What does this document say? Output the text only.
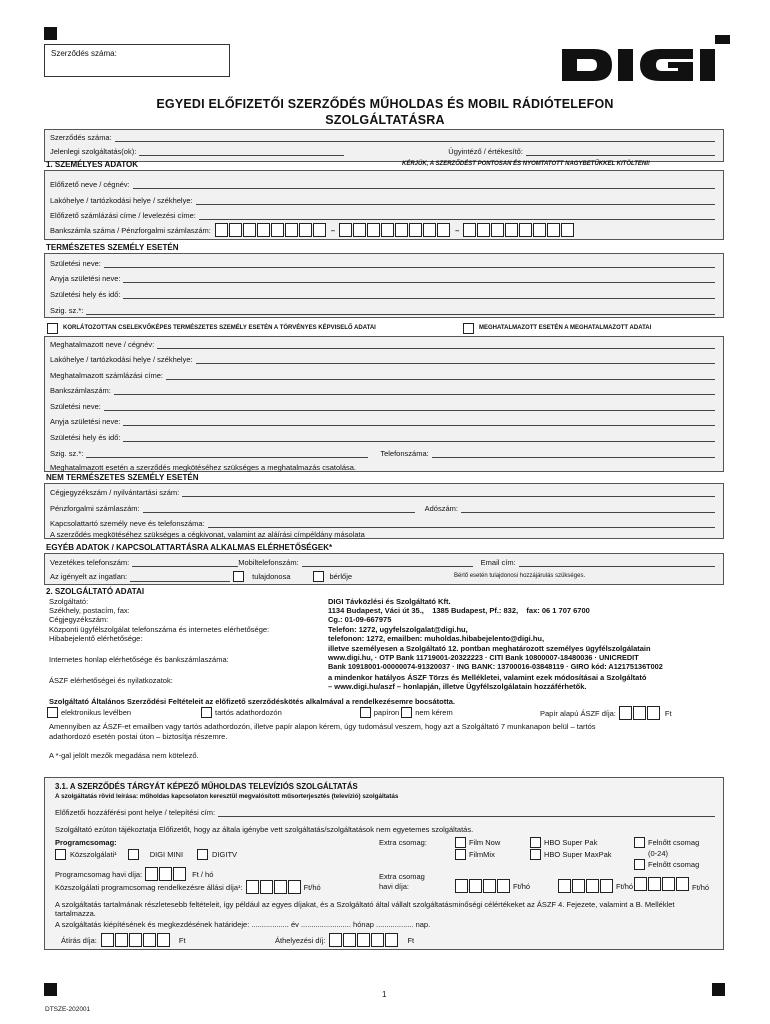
Szerződés száma:
EGYEDI ELŐFIZETŐI SZERZŐDÉS MŰHOLDAS ÉS MOBIL RÁDIÓTELEFON
SZOLGÁLTATÁSRA
Szerződés száma:
Jelenlegi szolgáltatás(ok):	Ügyintéző / értékesítő:
1. SZEMÉLYES ADATOK	KÉRJÜK, A SZERZŐDÉST PONTOSAN ÉS NYOMTATOTT NAGYBETŰKKEL KITÖLTENI!
Előfizető neve / cégnév:
Lakóhelye / tartózkodási helye / székhelye:
Előfizető számlázási címe / levelezési címe:
Bankszámla száma / Pénzforgalmi számlaszám:	–	–
TERMÉSZETES SZEMÉLY ESETÉN
Születési neve:
Anyja születési neve:
Születési hely és idő:
Szig. sz.*:
KORLÁTOZOTTAN CSELEKVŐKÉPES TERMÉSZETES SZEMÉLY ESETÉN A TÖRVÉNYES KÉPVISELŐ ADATAI	MEGHATALMAZOTT ESETÉN A MEGHATALMAZOTT ADATAI
Meghatalmazott neve / cégnév:
Lakóhelye / tartózkodási helye / székhelye:
Meghatalmazott számlázási címe:
Bankszámlaszám:
Születési neve:
Anyja születési neve:
Születési hely és idő:
Szig. sz.*:	Telefonszáma:
Meghatalmazott esetén a szerződés megkötéséhez szükséges a meghatalmazás csatolása.
NEM TERMÉSZETES SZEMÉLY ESETÉN
Cégjegyzékszám / nyilvántartási szám:
Pénzforgalmi számlaszám:	Adószám:
Kapcsolattartó személy neve és telefonszáma:
A szerződés megkötéséhez szükséges a cégkivonat, valamint az aláírási címpéldány másolata
EGYÉB ADATOK / KAPCSOLATTARTÁSRA ALKALMAS ELÉRHETŐSÉGEK*
Vezetékes telefonszám:	Mobiltelefonszám:	Email cím:
Az igényelt az ingatlan:	tulajdonosa	bérlője	Bérlő esetén tulajdonosi hozzájárulás szükséges.
2. SZOLGÁLTATÓ ADATAI
Szolgáltató:	DIGI Távközlési és Szolgáltató Kft.
Székhely, postacím, fax:	1134 Budapest, Váci út 35.,    1385 Budapest, Pf.: 832,    fax: 06 1 707 6700
Cégjegyzékszám:	Cg.: 01-09-667975
Központi ügyfélszolgálat telefonszáma és internetes elérhetősége:	Telefon: 1272, ugyfelszolgalat@digi.hu,
Hibabejelentő elérhetősége:	telefonon: 1272, emailben: muholdas.hibabejelento@digi.hu,
illetve személyesen a Szolgáltató 12. pontban meghatározott személyes ügyfélszolgálatain
Internetes honlap elérhetősége és bankszámlaszáma:	www.digi.hu, · OTP Bank 11719001-20322223 · CITI Bank 10800007-18480036 · UNICREDIT
Bank 10918001-00000074-91320037 · ING BANK: 13700016-03848119 · GIRO kód: A12175136T002
ÁSZF elérhetőségei és nyilatkozatok:	a mindenkor hatályos ÁSZF Törzs és Mellékletei, valamint ezek módosításai a Szolgáltató
– www.digi.hu/aszf – honlapján, illetve Ügyfélszolgálatain hozzáférhetők.
Szolgáltató Általános Szerződési Feltételeit az előfizető szerződéskötés alkalmával a rendelkezésemre bocsátotta.
elektronikus levélben	tartós adathordozón	papíron nem kérem	Papír alapú ÁSZF díja:	Ft
Amennyiben az ÁSZF-et emailben vagy tartós adathordozón, illetve papír alapon kérem, úgy tudomásul veszem, hogy azt a Szolgáltató 7 munkanapon belül – tartós
adathordozó esetén postai úton – biztosítja részemre.
A *-gal jelölt mezők megadása nem kötelező.
3.1. A SZERZŐDÉS TÁRGYÁT KÉPEZŐ MŰHOLDAS TELEVÍZIÓS SZOLGÁLTATÁS
A szolgáltatás rövid leírása: műholdas kapcsolaton keresztül megvalósított műsorterjesztés (televízió) szolgáltatás
Előfizetői hozzáférési pont helye / telepítési cím:
Szolgáltató ezúton tájékoztatja Előfizetőt, hogy az általa igénybe vett szolgáltatás/szolgáltatások nem egyetemes szolgáltatás.
Programcsomag:
Közszolgálati¹	DIGI MINI	DIGITV
Extra csomag:	Film Now
FilmMix
HBO Super Pak
HBO Super MaxPak
Felnőtt csomag
(0-24)
Felnőtt csomag
Programcsomag havi díja:	Ft / hó
Közszolgálati programcsomag rendelkezésre állási díja¹:	Ft/hó
Extra csomag
havi díja:	Ft/hó	Ft/hó	Ft/hó
A szolgáltatás tartalmának részletesebb feltételeit, így például az egyes díjakat, és a Szolgáltató által vállalt szolgáltatásminőségi célértékeket az ÁSZF 4. Fejezete, valamint a B. Melléklet
tartalmazza.
A szolgáltatás kiépítésének és megkezdésének határideje: .................. év ........................ hónap .................. nap.
Átírás díja:	Ft	Áthelyezési díj:	Ft
1
DTSZE-202001
